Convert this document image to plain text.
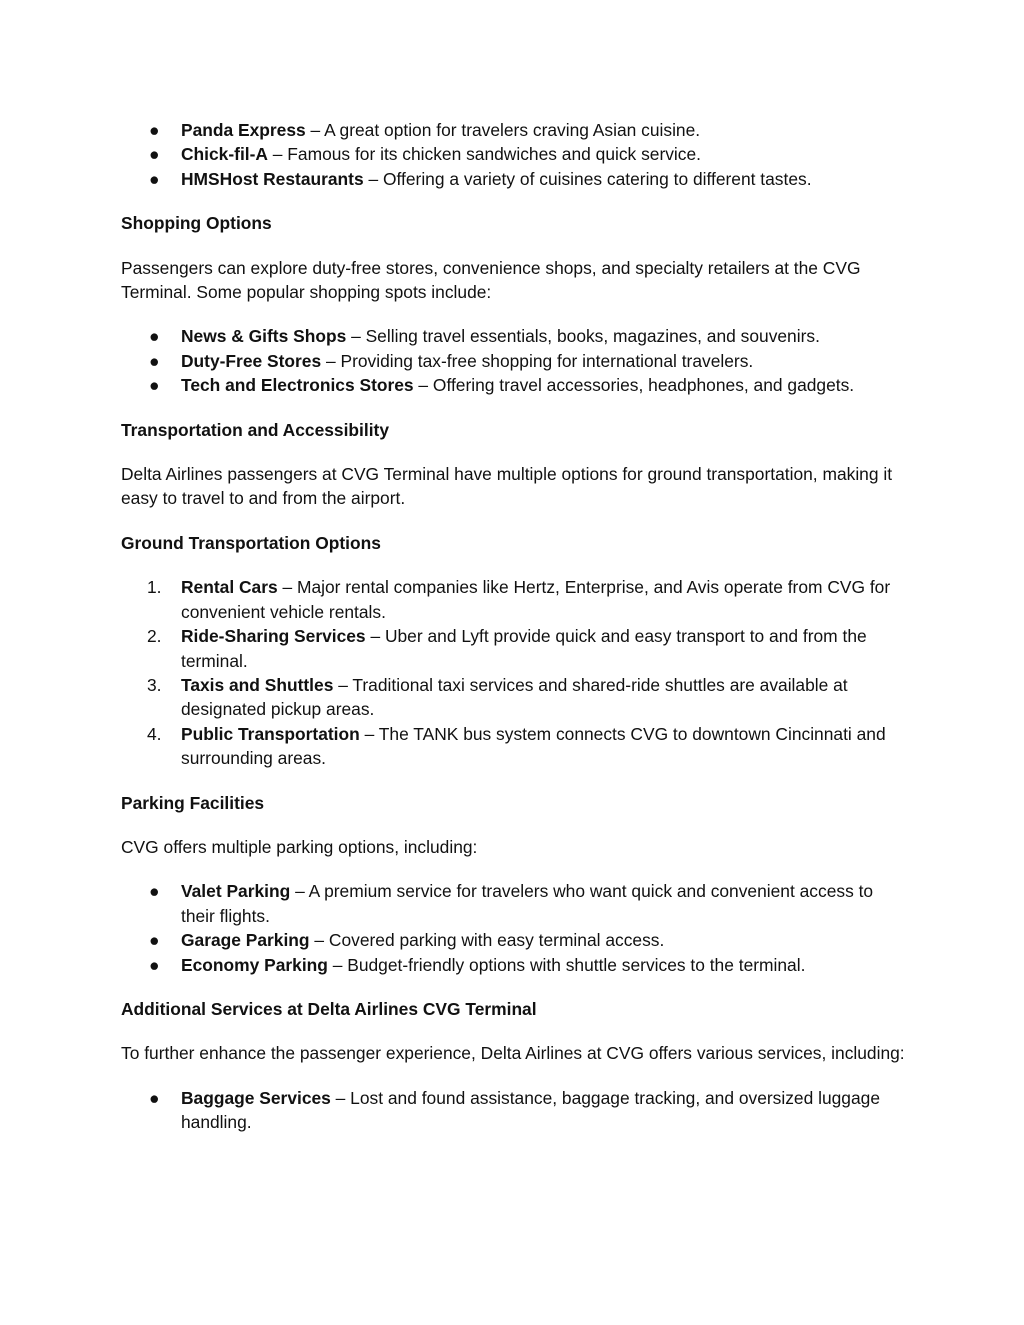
●	Panda Express – A great option for travelers craving Asian cuisine.
●	Chick-fil-A – Famous for its chicken sandwiches and quick service.
●	HMSHost Restaurants – Offering a variety of cuisines catering to different tastes.

Shopping Options

Passengers can explore duty-free stores, convenience shops, and specialty retailers at the CVG Terminal. Some popular shopping spots include:

●	News & Gifts Shops – Selling travel essentials, books, magazines, and souvenirs.
●	Duty-Free Stores – Providing tax-free shopping for international travelers.
●	Tech and Electronics Stores – Offering travel accessories, headphones, and gadgets.

Transportation and Accessibility

Delta Airlines passengers at CVG Terminal have multiple options for ground transportation, making it easy to travel to and from the airport.

Ground Transportation Options

1.	Rental Cars – Major rental companies like Hertz, Enterprise, and Avis operate from CVG for convenient vehicle rentals.
2.	Ride-Sharing Services – Uber and Lyft provide quick and easy transport to and from the terminal.
3.	Taxis and Shuttles – Traditional taxi services and shared-ride shuttles are available at designated pickup areas.
4.	Public Transportation – The TANK bus system connects CVG to downtown Cincinnati and surrounding areas.

Parking Facilities

CVG offers multiple parking options, including:

●	Valet Parking – A premium service for travelers who want quick and convenient access to their flights.
●	Garage Parking – Covered parking with easy terminal access.
●	Economy Parking – Budget-friendly options with shuttle services to the terminal.

Additional Services at Delta Airlines CVG Terminal

To further enhance the passenger experience, Delta Airlines at CVG offers various services, including:

●	Baggage Services – Lost and found assistance, baggage tracking, and oversized luggage handling.
